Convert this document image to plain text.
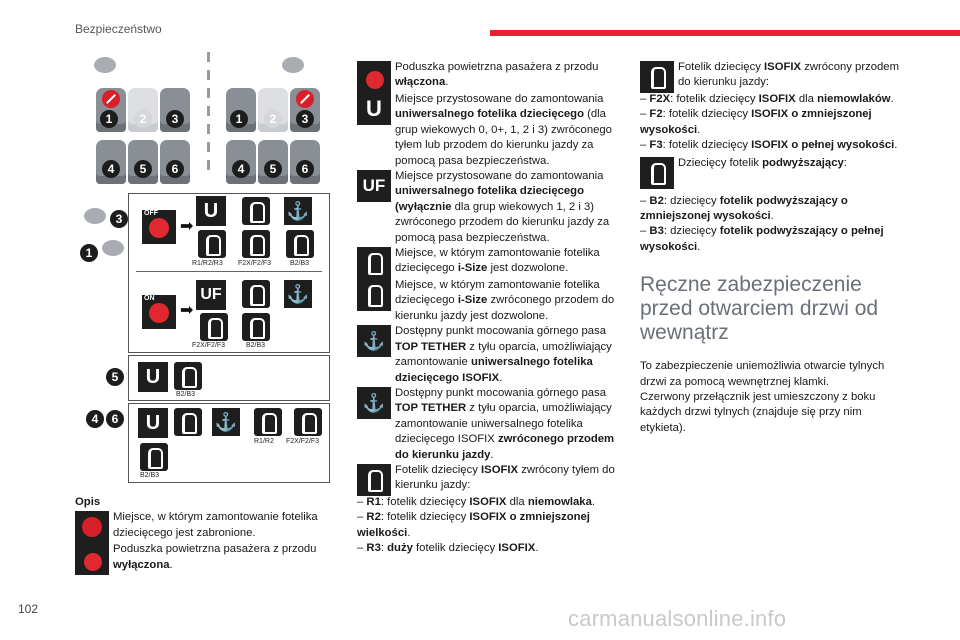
Bezpieczeństwo
1	2	3
4	5	6
1	2	3
4	5	6
3
1
OFF
➡
U	⚓
R1/R2/R3 F2X/F2/F3	B2/B3
ON
➡
UF	⚓
F2X/F2/F3	B2/B3
5	U
B2/B3
4	6	U	⚓
R1/R2 F2X/F2/F3
B2/B3

Opis

Miejsce, w którym zamontowanie fotelika dziecięcego jest zabronione.

Poduszka powietrzna pasażera z przodu wyłączona.

Poduszka powietrzna pasażera z przodu włączona.

U	Miejsce przystosowane do zamontowania uniwersalnego fotelika dziecięcego (dla grup wiekowych 0, 0+, 1, 2 i 3) zwróconego tyłem lub przodem do kierunku jazdy za pomocą pasa bezpieczeństwa.

UF Miejsce przystosowane do zamontowania uniwersalnego fotelika dziecięcego (wyłącznie dla grup wiekowych 1, 2 i 3) zwróconego przodem do kierunku jazdy za pomocą pasa bezpieczeństwa.

Miejsce, w którym zamontowanie fotelika dziecięcego i-Size jest dozwolone.

Miejsce, w którym zamontowanie fotelika dziecięcego i-Size zwróconego przodem do kierunku jazdy jest dozwolone.

⚓ Dostępny punkt mocowania górnego pasa TOP TETHER z tyłu oparcia, umożliwiający zamontowanie uniwersalnego fotelika dziecięcego ISOFIX.

⚓ Dostępny punkt mocowania górnego pasa TOP TETHER z tyłu oparcia, umożliwiający zamontowanie uniwersalnego fotelika dziecięcego ISOFIX zwróconego przodem do kierunku jazdy.

Fotelik dziecięcy ISOFIX zwrócony tyłem do kierunku jazdy:

– R1: fotelik dziecięcy ISOFIX dla niemowlaka.

– R2: fotelik dziecięcy ISOFIX o zmniejszonej wielkości.

– R3: duży fotelik dziecięcy ISOFIX.

Fotelik dziecięcy ISOFIX zwrócony przodem do kierunku jazdy:

– F2X: fotelik dziecięcy ISOFIX dla niemowlaków.

– F2: fotelik dziecięcy ISOFIX o zmniejszonej wysokości.

– F3: fotelik dziecięcy ISOFIX o pełnej wysokości.

Dziecięcy fotelik podwyższający:

– B2: dziecięcy fotelik podwyższający o zmniejszonej wysokości.

– B3: dziecięcy fotelik podwyższający o pełnej wysokości.

Ręczne zabezpieczenie przed otwarciem drzwi od wewnątrz

To zabezpieczenie uniemożliwia otwarcie tylnych drzwi za pomocą wewnętrznej klamki.

Czerwony przełącznik jest umieszczony z boku każdych drzwi tylnych (znajduje się przy nim etykieta).

102	carmanualsonline.info
